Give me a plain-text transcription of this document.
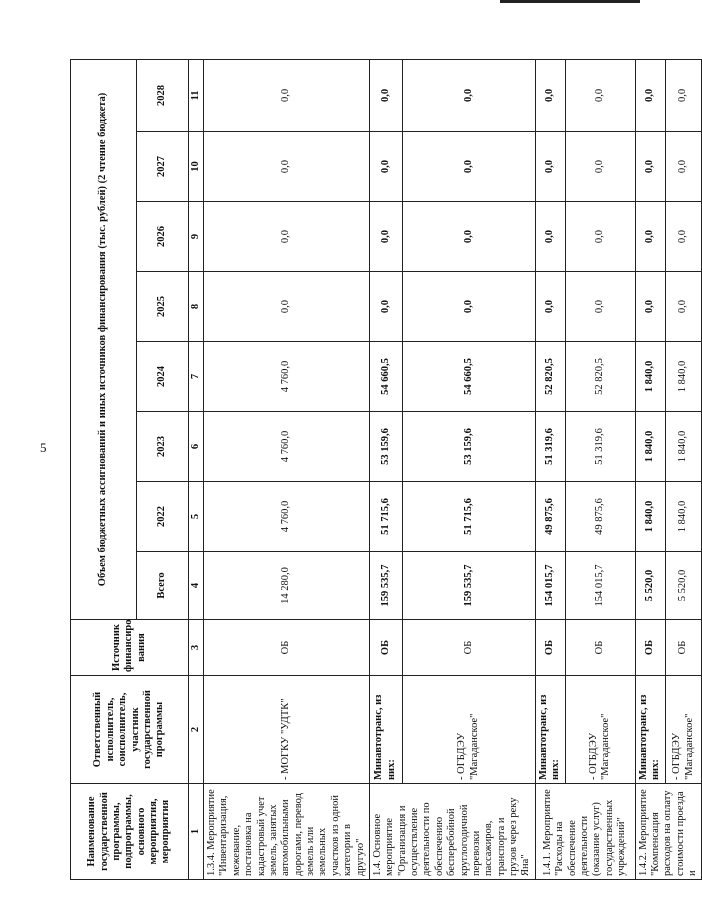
5
Наименование государственной программы, подпрограммы, основного мероприятия, мероприятия	Ответственный исполнитель, соисполнитель, участник государственной программы	Источник финансиро вания	Объем бюджетных ассигнований и иных источников финансирования (тыс. рублей) (2 чтение бюджета)							
			Всего	2022	2023	2024	2025	2026	2027	2028
1	2	3	4	5	6	7	8	9	10	11
1.3.4. Мероприятие "Инвентаризация, межевание, постановка на кадастровый учет земель, занятых автомобильными дорогами, перевод земель или земельных участков из одной категории в другую"	- МОГКУ "УДТК"	ОБ	14 280,0	4 760,0	4 760,0	4 760,0	0,0	0,0	0,0	0,0
1.4. Основное мероприятие "Организация и осуществление деятельности по обеспечению бесперебойной круглогодичной перевозки пассажиров, транспорта и грузов через реку Яна"	Минавтотранс, из них:	ОБ	159 535,7	51 715,6	53 159,6	54 660,5	0,0	0,0	0,0	0,0
	- ОГБДЭУ "Магаданское"	ОБ	159 535,7	51 715,6	53 159,6	54 660,5	0,0	0,0	0,0	0,0
1.4.1. Мероприятие "Расходы на обеспечение деятельности (оказание услуг) государственных учреждений"	Минавтотранс, из них:	ОБ	154 015,7	49 875,6	51 319,6	52 820,5	0,0	0,0	0,0	0,0
	- ОГБДЭУ "Магаданское"	ОБ	154 015,7	49 875,6	51 319,6	52 820,5	0,0	0,0	0,0	0,0
1.4.2. Мероприятие "Компенсация расходов на оплату стоимости проезда и	Минавтотранс, из них:	ОБ	5 520,0	1 840,0	1 840,0	1 840,0	0,0	0,0	0,0	0,0
	- ОГБДЭУ "Магаданское"	ОБ	5 520,0	1 840,0	1 840,0	1 840,0	0,0	0,0	0,0	0,0
